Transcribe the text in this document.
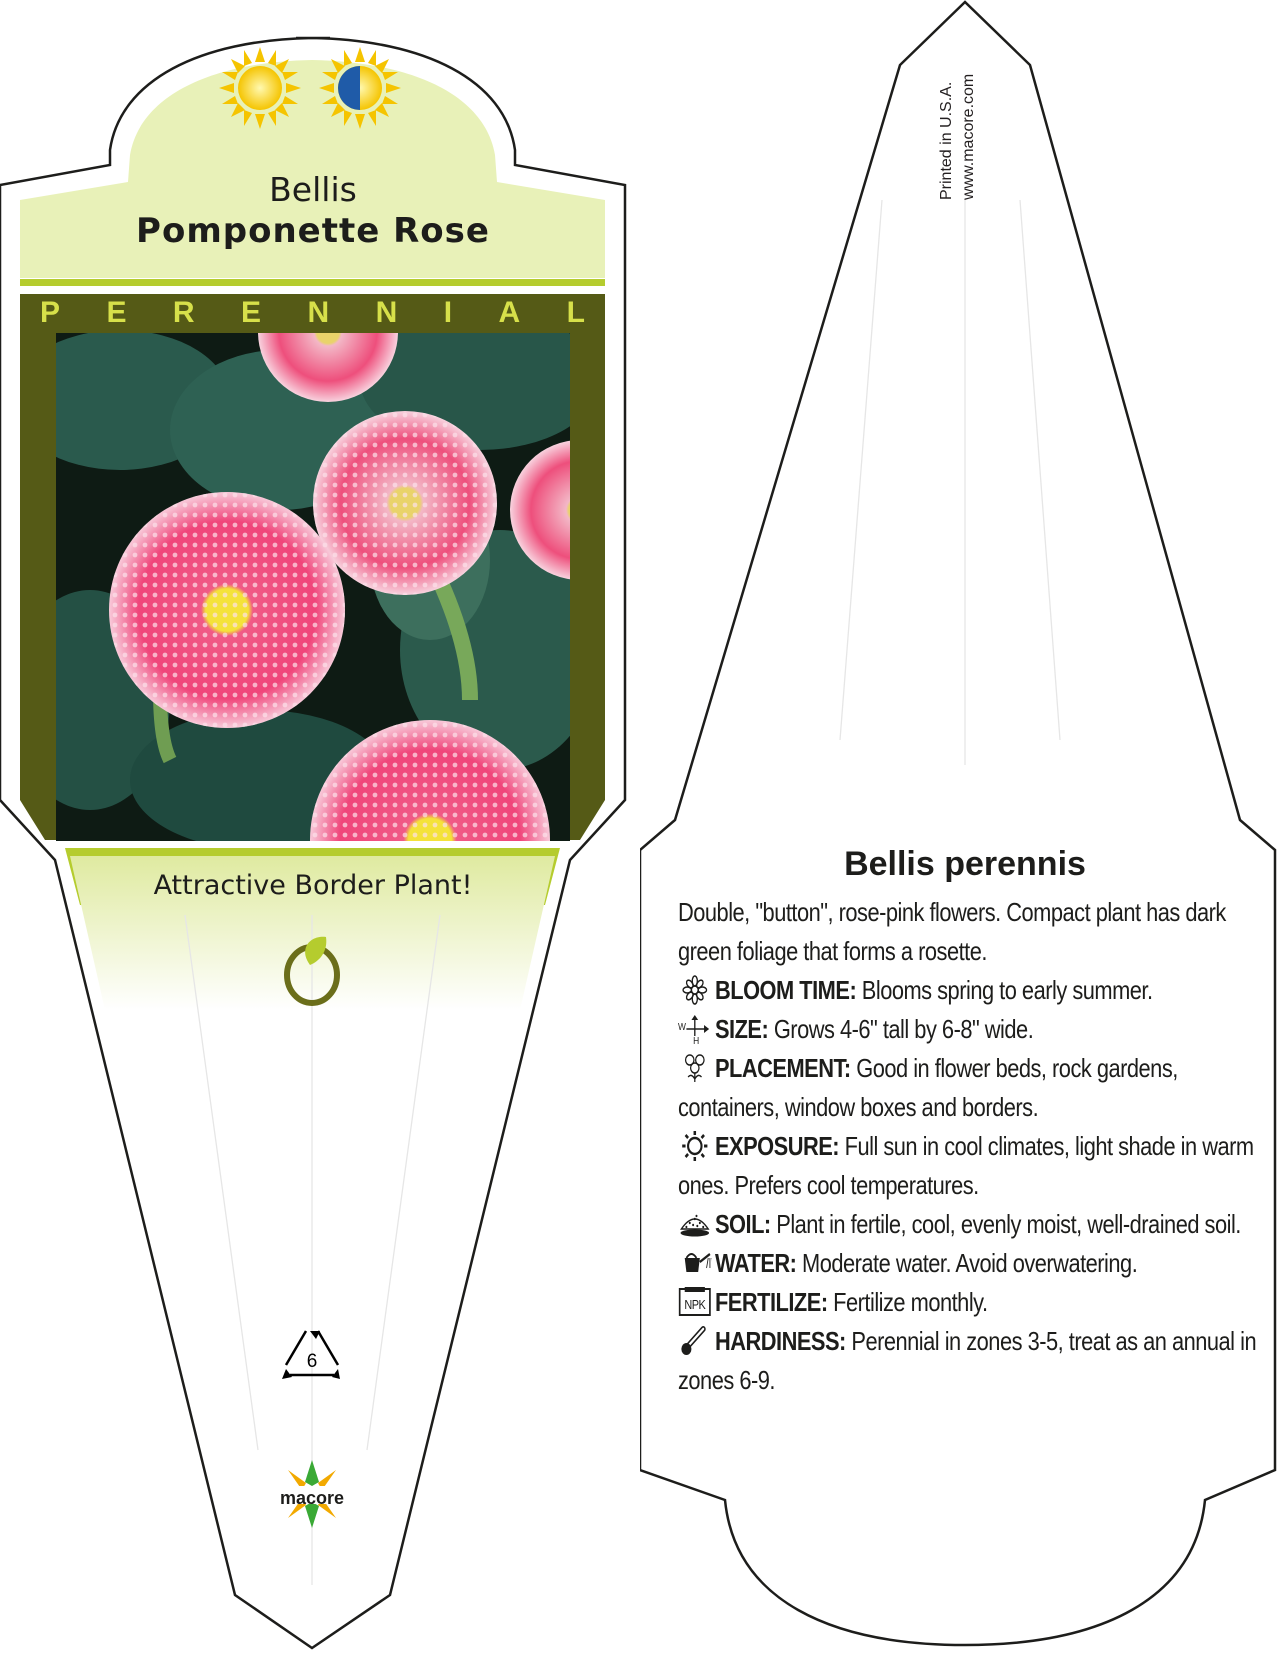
Bellis
Pomponette Rose
P E R E N N I A L
Attractive Border Plant!
6
macore
Printed in U.S.A. www.macore.com
Bellis perennis

Double, "button", rose-pink flowers. Compact plant has dark green foliage that forms a rosette.

BLOOM TIME: Blooms spring to early summer.
W
H SIZE: Grows 4-6" tall by 6-8" wide.
PLACEMENT: Good in flower beds, rock gardens, containers, window boxes and borders.
EXPOSURE: Full sun in cool climates, light shade in warm ones. Prefers cool temperatures.
SOIL: Plant in fertile, cool, evenly moist, well-drained soil.
WATER: Moderate water. Avoid overwatering.
NPK FERTILIZE: Fertilize monthly.
HARDINESS: Perennial in zones 3-5, treat as an annual in zones 6-9.
